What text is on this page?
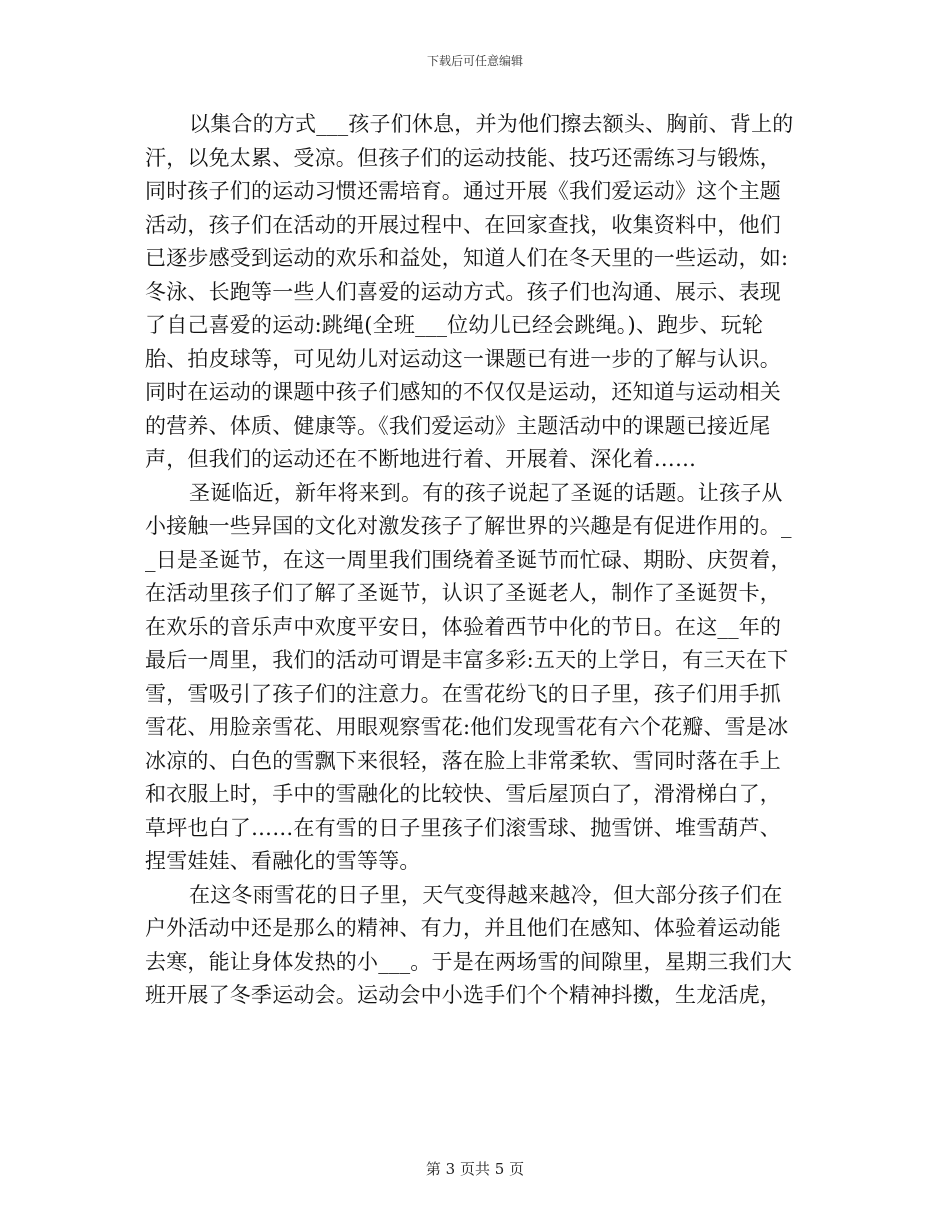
下载后可任意编辑
以集合的方式___孩子们休息，并为他们擦去额头、胸前、背上的
汗，以免太累、受凉。但孩子们的运动技能、技巧还需练习与锻炼，
同时孩子们的运动习惯还需培育。通过开展《我们爱运动》这个主题
活动，孩子们在活动的开展过程中、在回家查找，收集资料中，他们
已逐步感受到运动的欢乐和益处，知道人们在冬天里的一些运动，如:
冬泳、长跑等一些人们喜爱的运动方式。孩子们也沟通、展示、表现
了自己喜爱的运动:跳绳(全班___位幼儿已经会跳绳。)、跑步、玩轮
胎、拍皮球等，可见幼儿对运动这一课题已有进一步的了解与认识。
同时在运动的课题中孩子们感知的不仅仅是运动，还知道与运动相关
的营养、体质、健康等。《我们爱运动》主题活动中的课题已接近尾
声，但我们的运动还在不断地进行着、开展着、深化着……
圣诞临近，新年将来到。有的孩子说起了圣诞的话题。让孩子从
小接触一些异国的文化对激发孩子了解世界的兴趣是有促进作用的。_
_日是圣诞节，在这一周里我们围绕着圣诞节而忙碌、期盼、庆贺着，
在活动里孩子们了解了圣诞节，认识了圣诞老人，制作了圣诞贺卡，
在欢乐的音乐声中欢度平安日，体验着西节中化的节日。在这__年的
最后一周里，我们的活动可谓是丰富多彩:五天的上学日，有三天在下
雪，雪吸引了孩子们的注意力。在雪花纷飞的日子里，孩子们用手抓
雪花、用脸亲雪花、用眼观察雪花:他们发现雪花有六个花瓣、雪是冰
冰凉的、白色的雪飘下来很轻，落在脸上非常柔软、雪同时落在手上
和衣服上时，手中的雪融化的比较快、雪后屋顶白了，滑滑梯白了，
草坪也白了……在有雪的日子里孩子们滚雪球、抛雪饼、堆雪葫芦、
捏雪娃娃、看融化的雪等等。
在这冬雨雪花的日子里，天气变得越来越冷，但大部分孩子们在
户外活动中还是那么的精神、有力，并且他们在感知、体验着运动能
去寒，能让身体发热的小___。于是在两场雪的间隙里，星期三我们大
班开展了冬季运动会。运动会中小选手们个个精神抖擞，生龙活虎，
第 3 页共 5 页
